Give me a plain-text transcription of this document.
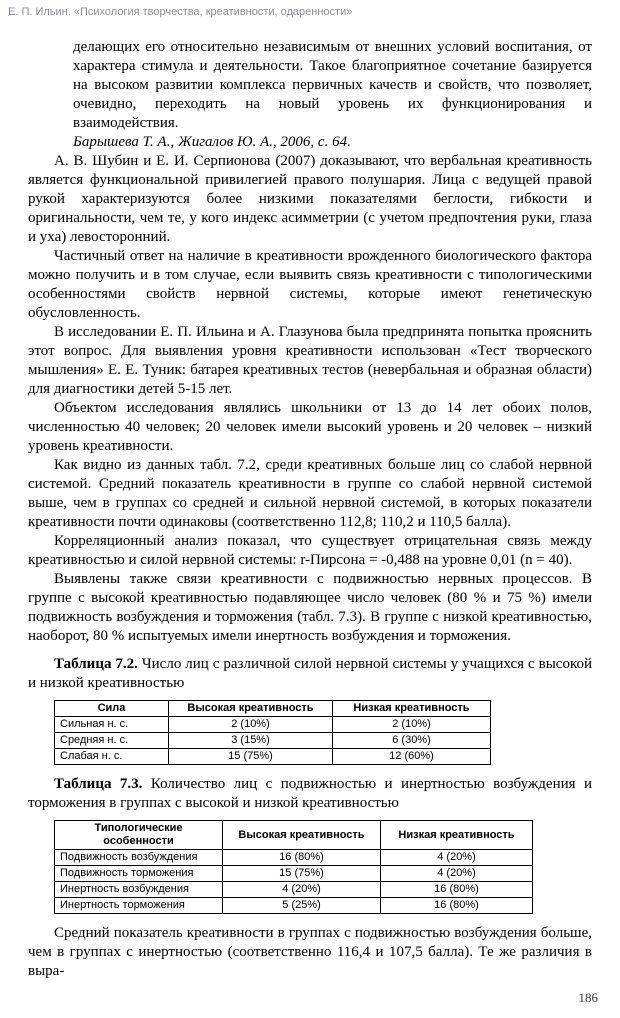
Е. П. Ильин. «Психология творчества, креативности, одаренности»

делающих его относительно независимым от внешних условий воспитания, от характера стимула и деятельности. Такое благоприятное сочетание базируется на высоком развитии комплекса первичных качеств и свойств, что позволяет, очевидно, переходить на новый уровень их функционирования и взаимодействия.

Барышева Т. А., Жигалов Ю. А., 2006, с. 64.

А. В. Шубин и Е. И. Серпионова (2007) доказывают, что вербальная креативность является функциональной привилегией правого полушария. Лица с ведущей правой рукой характеризуются более низкими показателями беглости, гибкости и оригинальности, чем те, у кого индекс асимметрии (с учетом предпочтения руки, глаза и уха) левосторонний.

Частичный ответ на наличие в креативности врожденного биологического фактора можно получить и в том случае, если выявить связь креативности с типологическими особенностями свойств нервной системы, которые имеют генетическую обусловленность.

В исследовании Е. П. Ильина и А. Глазунова была предпринята попытка прояснить этот вопрос. Для выявления уровня креативности использован «Тест творческого мышления» Е. Е. Туник: батарея креативных тестов (невербальная и образная области) для диагностики детей 5-15 лет.

Объектом исследования являлись школьники от 13 до 14 лет обоих полов, численностью 40 человек; 20 человек имели высокий уровень и 20 человек – низкий уровень креативности.

Как видно из данных табл. 7.2, среди креативных больше лиц со слабой нервной системой. Средний показатель креативности в группе со слабой нервной системой выше, чем в группах со средней и сильной нервной системой, в которых показатели креативности почти одинаковы (соответственно 112,8; 110,2 и 110,5 балла).

Корреляционный анализ показал, что существует отрицательная связь между креативностью и силой нервной системы: r-Пирсона = -0,488 на уровне 0,01 (n = 40).

Выявлены также связи креативности с подвижностью нервных процессов. В группе с высокой креативностью подавляющее число человек (80 % и 75 %) имели подвижность возбуждения и торможения (табл. 7.3). В группе с низкой креативностью, наоборот, 80 % испытуемых имели инертность возбуждения и торможения.

Таблица 7.2. Число лиц с различной силой нервной системы у учащихся с высокой и низкой креативностью

Сила	Высокая креативность	Низкая креативность
Сильная н. с.	2 (10%)	2 (10%)
Средняя н. с.	3 (15%)	6 (30%)
Слабая н. с.	15 (75%)	12 (60%)

Таблица 7.3. Количество лиц с подвижностью и инертностью возбуждения и торможения в группах с высокой и низкой креативностью

Типологические особенности	Высокая креативность	Низкая креативность
Подвижность возбуждения	16 (80%)	4 (20%)
Подвижность торможения	15 (75%)	4 (20%)
Инертность возбуждения	4 (20%)	16 (80%)
Инертность торможения	5 (25%)	16 (80%)

Средний показатель креативности в группах с подвижностью возбуждения больше, чем в группах с инертностью (соответственно 116,4 и 107,5 балла). Те же различия в выра-

186
